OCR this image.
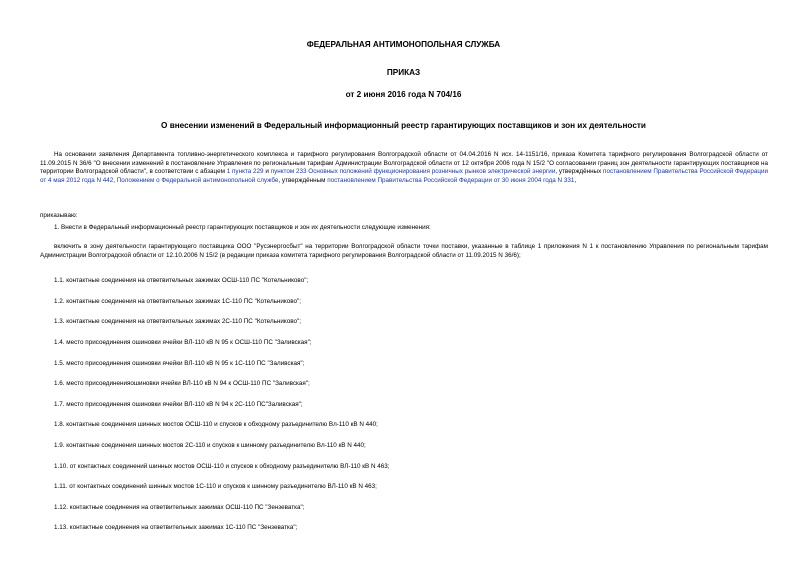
ФЕДЕРАЛЬНАЯ АНТИМОНОПОЛЬНАЯ СЛУЖБА
ПРИКАЗ
от 2 июня 2016 года N 704/16
О внесении изменений в Федеральный информационный реестр гарантирующих поставщиков и зон их деятельности
На основании заявления Департамента топливно-энергетического комплекса и тарифного регулирования Волгоградской области от 04.04.2016 N исх. 14-1151/16, приказа Комитета тарифного регулирования Волгоградской области от 11.09.2015 N 36/6 "О внесении изменений в постановление Управления по региональным тарифам Администрации Волгоградской области от 12 октября 2006 года N 15/2 "О согласовании границ зон деятельности гарантирующих поставщиков на территории Волгоградской области", в соответствии с абзацем 1 пункта 229 и пунктом 233 Основных положений функционирования розничных рынков электрической энергии, утверждённых постановлением Правительства Российской Федерации от 4 мая 2012 года N 442, Положением о Федеральной антимонопольной службе, утверждённым постановлением Правительства Российской Федерации от 30 июня 2004 года N 331,
приказываю:
1. Внести в Федеральный информационный реестр гарантирующих поставщиков и зон их деятельности следующие изменения:
включить в зону деятельности гарантирующего поставщика ООО "Русэнергосбыт" на территории Волгоградской области точки поставки, указанные в таблице 1 приложения N 1 к постановлению Управления по региональным тарифам Администрации Волгоградской области от 12.10.2006 N 15/2 (в редакции приказа комитета тарифного регулирования Волгоградской области от 11.09.2015 N 36/6);
1.1. контактные соединения на ответвительных зажимах ОСШ-110 ПС "Котельниково";
1.2. контактные соединения на ответвительных зажимах 1С-110 ПС "Котельниково";
1.3. контактные соединения на ответвительных зажимах 2С-110 ПС "Котельниково";
1.4. место присоединения ошиновки ячейки ВЛ-110 кВ N 95 к ОСШ-110 ПС "Заливская";
1.5. место присоединения ошиновки ячейки ВЛ-110 кВ N 95 к 1С-110 ПС "Заливская";
1.6. место присоединенияошиновки ячейки ВЛ-110 кВ N 94 к ОСШ-110 ПС "Заливская";
1.7. место присоединения ошиновки ячейки ВЛ-110 кВ N 94 к 2С-110 ПС"Заливская";
1.8. контактные соединения шинных мостов ОСШ-110 и спусков к обходному разъединителю Вл-110 кВ N 440;
1.9. контактные соединения шинных мостов 2С-110 и спусков к шинному разъединителю Вл-110 кВ N 440;
1.10. от контактных соединений шинных мостов ОСШ-110 и спусков к обходному разъединителю ВЛ-110 кВ N 463;
1.11. от контактных соединений шинных мостов 1С-110 и спусков к шинному разъединителю ВЛ-110 кВ N 463;
1.12. контактные соединения на ответвительных зажимах ОСШ-110 ПС "Зензеватка";
1.13. контактные соединения на ответвительных зажимах 1С-110 ПС "Зензеватка";
